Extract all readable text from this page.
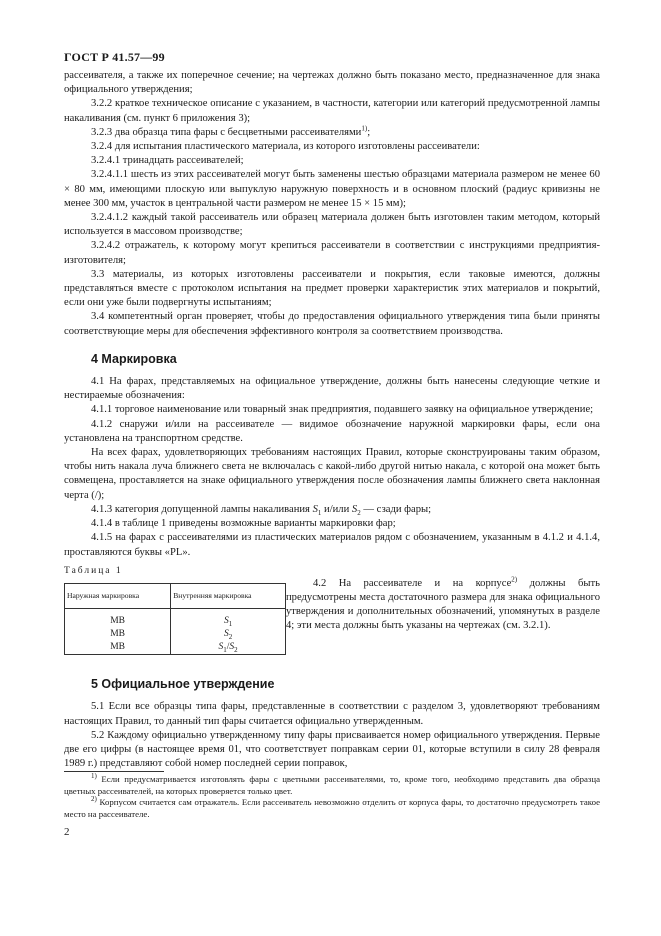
ГОСТ Р 41.57—99

рассеивателя, а также их поперечное сечение; на чертежах должно быть показано место, предназначенное для знака официального утверждения;

3.2.2 краткое техническое описание с указанием, в частности, категории или категорий предусмотренной лампы накаливания (см. пункт 6 приложения 3);

3.2.3 два образца типа фары с бесцветными рассеивателями$^{1)}$;

3.2.4 для испытания пластического материала, из которого изготовлены рассеиватели:

3.2.4.1 тринадцать рассеивателей;

3.2.4.1.1 шесть из этих рассеивателей могут быть заменены шестью образцами материала размером не менее 60 × 80 мм, имеющими плоскую или выпуклую наружную поверхность и в основном плоский (радиус кривизны не менее 300 мм, участок в центральной части размером не менее 15 × 15 мм);

3.2.4.1.2 каждый такой рассеиватель или образец материала должен быть изготовлен таким методом, который используется в массовом производстве;

3.2.4.2 отражатель, к которому могут крепиться рассеиватели в соответствии с инструкциями предприятия-изготовителя;

3.3 материалы, из которых изготовлены рассеиватели и покрытия, если таковые имеются, должны представляться вместе с протоколом испытания на предмет проверки характеристик этих материалов и покрытий, если они уже были подвергнуты испытаниям;

3.4 компетентный орган проверяет, чтобы до предоставления официального утверждения типа были приняты соответствующие меры для обеспечения эффективного контроля за соответствием производства.

4 Маркировка

4.1 На фарах, представляемых на официальное утверждение, должны быть нанесены следующие четкие и нестираемые обозначения:

4.1.1 торговое наименование или товарный знак предприятия, подавшего заявку на официальное утверждение;

4.1.2 снаружи и/или на рассеивателе — видимое обозначение наружной маркировки фары, если она установлена на транспортном средстве.

На всех фарах, удовлетворяющих требованиям настоящих Правил, которые сконструированы таким образом, чтобы нить накала луча ближнего света не включалась с какой-либо другой нитью накала, с которой она может быть совмещена, проставляется на знаке официального утверждения после обозначения лампы ближнего света наклонная черта (/);

4.1.3 категория допущенной лампы накаливания $S_1$ и/или $S_2$ — сзади фары;

4.1.4 в таблице 1 приведены возможные варианты маркировки фар;

4.1.5 на фарах с рассеивателями из пластических материалов рядом с обозначением, указанным в 4.1.2 и 4.1.4, проставляются буквы «PL».

Таблица 1
Наружная маркировка	Внутренняя маркировка

MB	$S_1$
MB	$S_2$
MB	$S_1/S_2$

4.2 На рассеивателе и на корпусе$^{2)}$ должны быть предусмотрены места достаточного размера для знака официального утверждения и дополнительных обозначений, упомянутых в разделе 4; эти места должны быть указаны на чертежах (см. 3.2.1).

5 Официальное утверждение

5.1 Если все образцы типа фары, представленные в соответствии с разделом 3, удовлетворяют требованиям настоящих Правил, то данный тип фары считается официально утвержденным.

5.2 Каждому официально утвержденному типу фары присваивается номер официального утверждения. Первые две его цифры (в настоящее время 01, что соответствует поправкам серии 01, которые вступили в силу 28 февраля 1989 г.) представляют собой номер последней серии поправок,

$^{1)}$ Если предусматривается изготовлять фары с цветными рассеивателями, то, кроме того, необходимо представить два образца цветных рассеивателей, на которых проверяется только цвет.

$^{2)}$ Корпусом считается сам отражатель. Если рассеиватель невозможно отделить от корпуса фары, то достаточно предусмотреть такое место на рассеивателе.

2
